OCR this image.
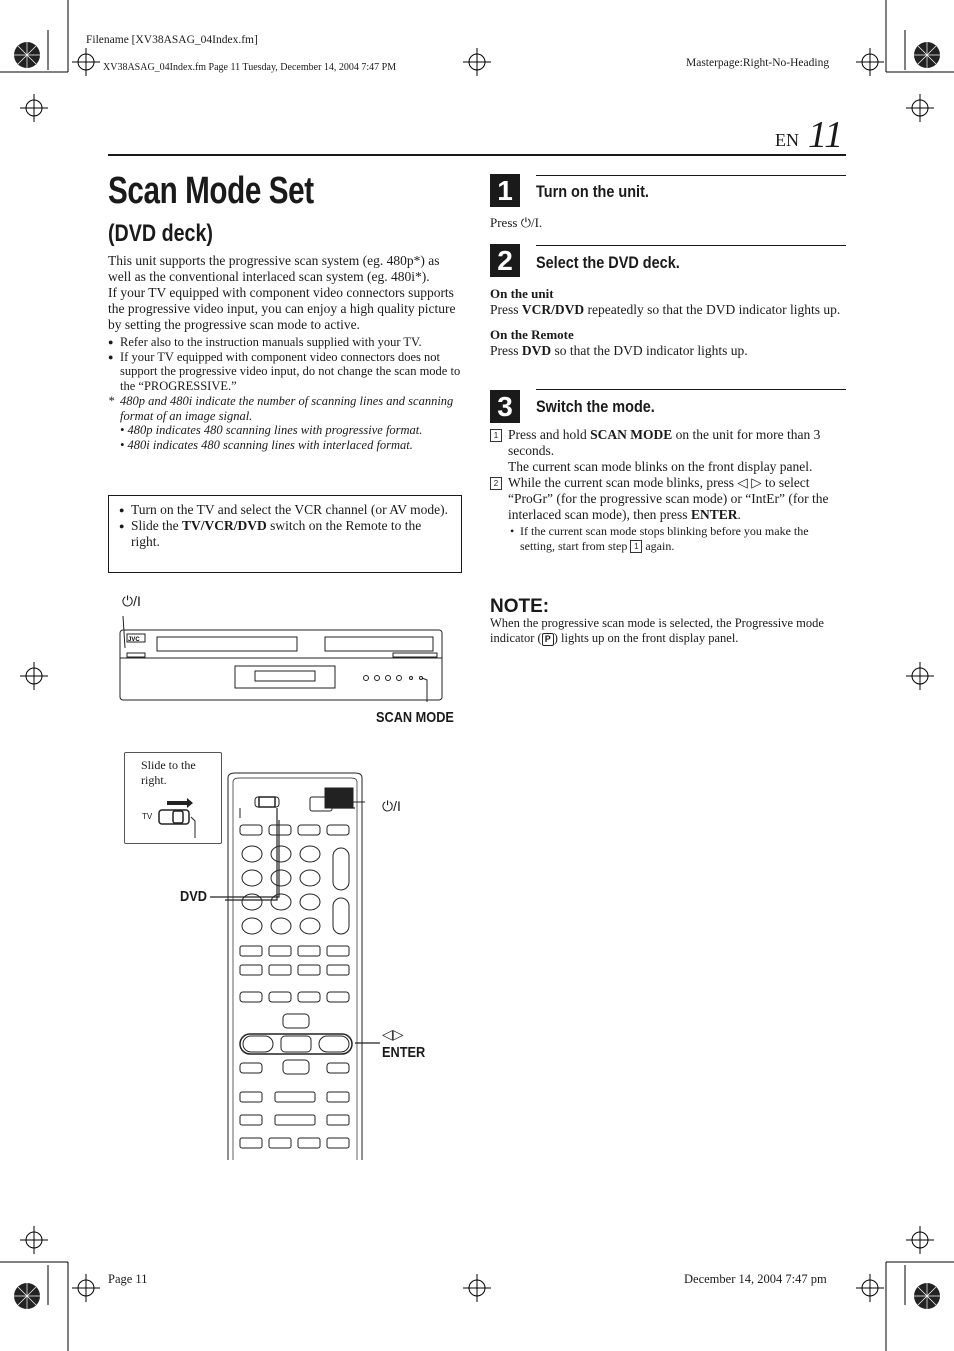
Filename [XV38ASAG_04Index.fm]
XV38ASAG_04Index.fm Page 11 Tuesday, December 14, 2004 7:47 PM	Masterpage:Right-No-Heading
EN 11
Scan Mode Set
(DVD deck)

This unit supports the progressive scan system (eg. 480p*) as well as the conventional interlaced scan system (eg. 480i*).

If your TV equipped with component video connectors supports the progressive video input, you can enjoy a high quality picture by setting the progressive scan mode to active.

● Refer also to the instruction manuals supplied with your TV.
● If your TV equipped with component video connectors does not support the progressive video input, do not change the scan mode to the “PROGRESSIVE.”
* 480p and 480i indicate the number of scanning lines and scanning format of an image signal.
• 480p indicates 480 scanning lines with progressive format.
• 480i indicates 480 scanning lines with interlaced format.
● Turn on the TV and select the VCR channel (or AV mode).
● Slide the TV/VCR/DVD switch on the Remote to the right.
⏻/I
JVC
SCAN MODE
Slide to the right.
TV
⏻/I
DVD
◁▷
ENTER
1	Turn on the unit.
Press ⏻/I.
2	Select the DVD deck.

On the unit

Press VCR/DVD repeatedly so that the DVD indicator lights up.

On the Remote

Press DVD so that the DVD indicator lights up.

3	Switch the mode.
1 Press and hold SCAN MODE on the unit for more than 3 seconds.

The current scan mode blinks on the front display panel.

2 While the current scan mode blinks, press ◁ ▷ to select “ProGr” (for the progressive scan mode) or “IntEr” (for the interlaced scan mode), then press ENTER.

• If the current scan mode stops blinking before you make the setting, start from step 1 again.

NOTE:
When the progressive scan mode is selected, the Progressive mode indicator ( P ) lights up on the front display panel.
Page 11	December 14, 2004 7:47 pm
